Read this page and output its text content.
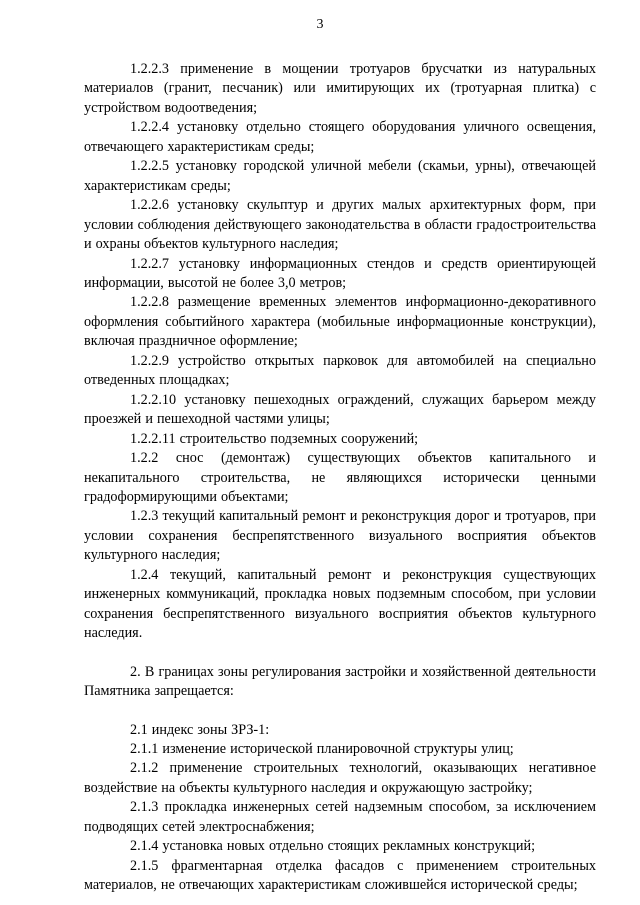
3

1.2.2.3 применение в мощении тротуаров брусчатки из натуральных материалов (гранит, песчаник) или имитирующих их (тротуарная плитка) с устройством водоотведения;

1.2.2.4 установку отдельно стоящего оборудования уличного освещения, отвечающего характеристикам среды;

1.2.2.5 установку городской уличной мебели (скамьи, урны), отвечающей характеристикам среды;

1.2.2.6 установку скульптур и других малых архитектурных форм, при условии соблюдения действующего законодательства в области градостроительства и охраны объектов культурного наследия;

1.2.2.7 установку информационных стендов и средств ориентирующей информации, высотой не более 3,0 метров;

1.2.2.8 размещение временных элементов информационно-декоративного оформления событийного характера (мобильные информационные конструкции), включая праздничное оформление;

1.2.2.9 устройство открытых парковок для автомобилей на специально отведенных площадках;

1.2.2.10 установку пешеходных ограждений, служащих барьером между проезжей и пешеходной частями улицы;

1.2.2.11 строительство подземных сооружений;

1.2.2 снос (демонтаж) существующих объектов капитального и некапитального строительства, не являющихся исторически ценными градоформирующими объектами;

1.2.3 текущий капитальный ремонт и реконструкция дорог и тротуаров, при условии сохранения беспрепятственного визуального восприятия объектов культурного наследия;

1.2.4 текущий, капитальный ремонт и реконструкция существующих инженерных коммуникаций, прокладка новых подземным способом, при условии сохранения беспрепятственного визуального восприятия объектов культурного наследия.

2. В границах зоны регулирования застройки и хозяйственной деятельности Памятника запрещается:

2.1 индекс зоны ЗРЗ-1:

2.1.1 изменение исторической планировочной структуры улиц;

2.1.2 применение строительных технологий, оказывающих негативное воздействие на объекты культурного наследия и окружающую застройку;

2.1.3 прокладка инженерных сетей надземным способом, за исключением подводящих сетей электроснабжения;

2.1.4 установка новых отдельно стоящих рекламных конструкций;

2.1.5 фрагментарная отделка фасадов с применением строительных материалов, не отвечающих характеристикам сложившейся исторической среды;
